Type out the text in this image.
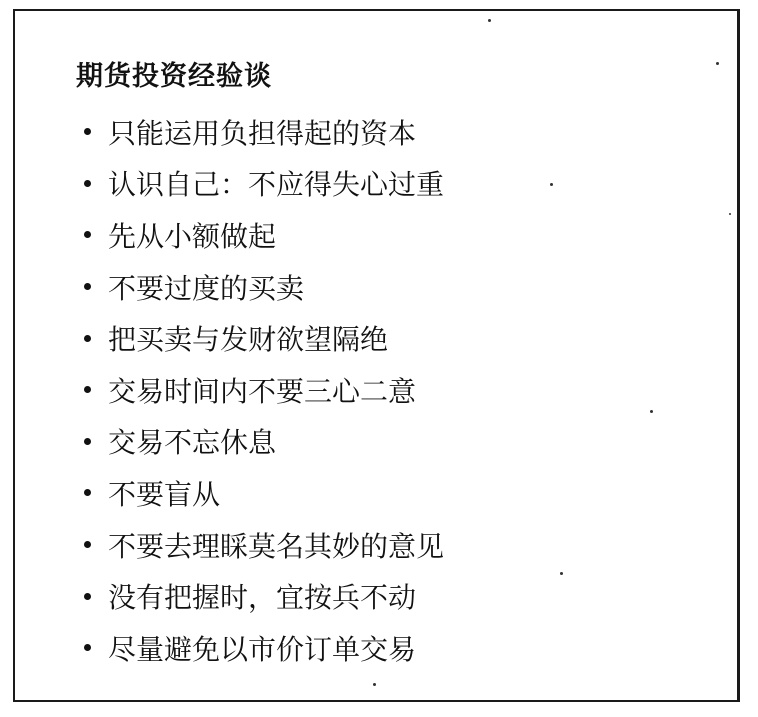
期货投资经验谈
只能运用负担得起的资本
认识自己：不应得失心过重
先从小额做起
不要过度的买卖
把买卖与发财欲望隔绝
交易时间内不要三心二意
交易不忘休息
不要盲从
不要去理睬莫名其妙的意见
没有把握时，宜按兵不动
尽量避免以市价订单交易
